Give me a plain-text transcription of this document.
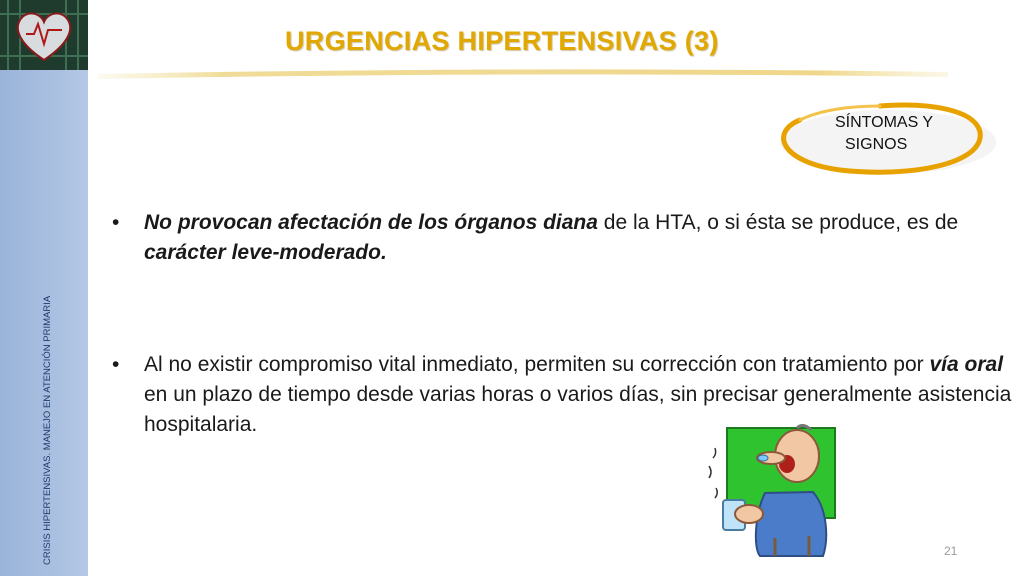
CRISIS HIPERTENSIVAS. MANEJO EN ATENCIÓN PRIMARIA
URGENCIAS HIPERTENSIVAS (3)
SÍNTOMAS Y
SIGNOS
• No provocan afectación de los órganos diana de la HTA, o si ésta se produce, es de carácter leve-moderado.
• Al no existir compromiso vital inmediato, permiten su corrección con tratamiento por vía oral en un plazo de tiempo desde varias horas o varios días, sin precisar generalmente asistencia hospitalaria.
21
